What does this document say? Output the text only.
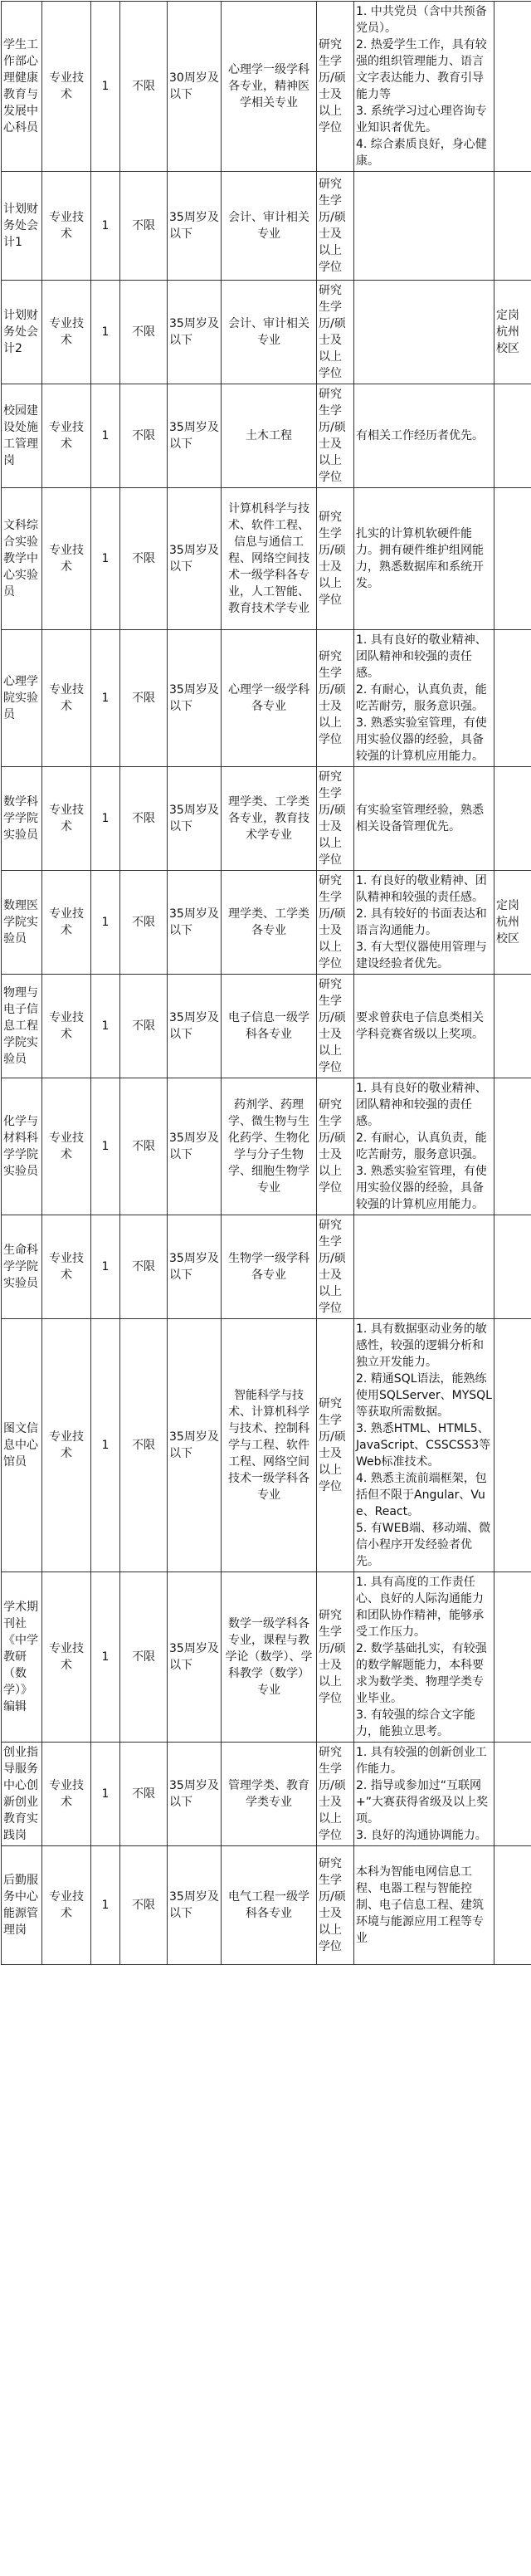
学生工作部心理健康教育与发展中心科员	专业技术	1	不限	30周岁及以下	心理学一级学科各专业，精神医学相关专业	研究生学历/硕士及以上学位	1. 中共党员（含中共预备党员）。
2. 热爱学生工作，具有较强的组织管理能力、语言文字表达能力、教育引导能力等
3. 系统学习过心理咨询专业知识者优先。
4. 综合素质良好，身心健康。	

计划财务处会计1	专业技术	1	不限	35周岁及以下	会计、审计相关专业	研究生学历/硕士及以上学位		
计划财务处会计2	专业技术	1	不限	35周岁及以下	会计、审计相关专业	研究生学历/硕士及以上学位		定岗杭州校区
校园建设处施工管理岗	专业技术	1	不限	35周岁及以下	土木工程	研究生学历/硕士及以上学位	有相关工作经历者优先。	

文科综合实验教学中心实验员	专业技术	1	不限	35周岁及以下	计算机科学与技术、软件工程、信息与通信工程、网络空间技术一级学科各专业，人工智能、教育技术学专业	研究生学历/硕士及以上学位	扎实的计算机软硬件能力。拥有硬件维护组网能力，熟悉数据库和系统开发。	

心理学院实验员	专业技术	1	不限	35周岁及以下	心理学一级学科各专业	研究生学历/硕士及以上学位	1. 具有良好的敬业精神、团队精神和较强的责任感。
2. 有耐心，认真负责，能吃苦耐劳，服务意识强。
3. 熟悉实验室管理，有使用实验仪器的经验，具备较强的计算机应用能力。	

数学科学学院实验员	专业技术	1	不限	35周岁及以下	理学类、工学类各专业，教育技术学专业	研究生学历/硕士及以上学位	有实验室管理经验，熟悉相关设备管理优先。	

数理医学院实验员	专业技术	1	不限	35周岁及以下	理学类、工学类各专业	研究生学历/硕士及以上学位	1. 有良好的敬业精神、团队精神和较强的责任感。
2. 具有较好的书面表达和语言沟通能力。
3. 有大型仪器使用管理与建设经验者优先。	定岗杭州校区
物理与电子信息工程学院实验员	专业技术	1	不限	35周岁及以下	电子信息一级学科各专业	研究生学历/硕士及以上学位	要求曾获电子信息类相关学科竞赛省级以上奖项。	

化学与材料科学学院实验员	专业技术	1	不限	35周岁及以下	药剂学、药理学、微生物与生化药学、生物化学与分子生物学、细胞生物学专业	研究生学历/硕士及以上学位	1. 具有良好的敬业精神、团队精神和较强的责任感。
2. 有耐心，认真负责，能吃苦耐劳，服务意识强。
3. 熟悉实验室管理，有使用实验仪器的经验，具备较强的计算机应用能力。	

生命科学学院实验员	专业技术	1	不限	35周岁及以下	生物学一级学科各专业	研究生学历/硕士及以上学位		
图文信息中心馆员	专业技术	1	不限	35周岁及以下	智能科学与技术、计算机科学与技术、控制科学与工程、软件工程、网络空间技术一级学科各专业	研究生学历/硕士及以上学位	1. 具有数据驱动业务的敏感性，较强的逻辑分析和独立开发能力。
2. 精通SQL语法，能熟练使用SQLServer、MYSQL等获取所需数据。
3. 熟悉HTML、HTML5、JavaScript、CSSCSS3等Web标准技术。
4. 熟悉主流前端框架，包括但不限于Angular、Vue、React。
5. 有WEB端、移动端、微信小程序开发经验者优先。	

学术期刊社《中学教研（数学）》编辑	专业技术	1	不限	35周岁及以下	数学一级学科各专业，课程与教学论（数学）、学科教学（数学）专业	研究生学历/硕士及以上学位	1. 具有高度的工作责任心、良好的人际沟通能力和团队协作精神，能够承受工作压力。
2. 数学基础扎实，有较强的数学解题能力，本科要求为数学类、物理学类专业毕业。
3. 有较强的综合文字能力，能独立思考。	

创业指导服务中心创新创业教育实践岗	专业技术	1	不限	35周岁及以下	管理学类、教育学类专业	研究生学历/硕士及以上学位	1. 具有较强的创新创业工作能力。
2. 指导或参加过“互联网+”大赛获得省级及以上奖项。
3. 良好的沟通协调能力。	

后勤服务中心能源管理岗	专业技术	1	不限	35周岁及以下	电气工程一级学科各专业	研究生学历/硕士及以上学位	本科为智能电网信息工程、电器工程与智能控制、电子信息工程、建筑环境与能源应用工程等专业	
